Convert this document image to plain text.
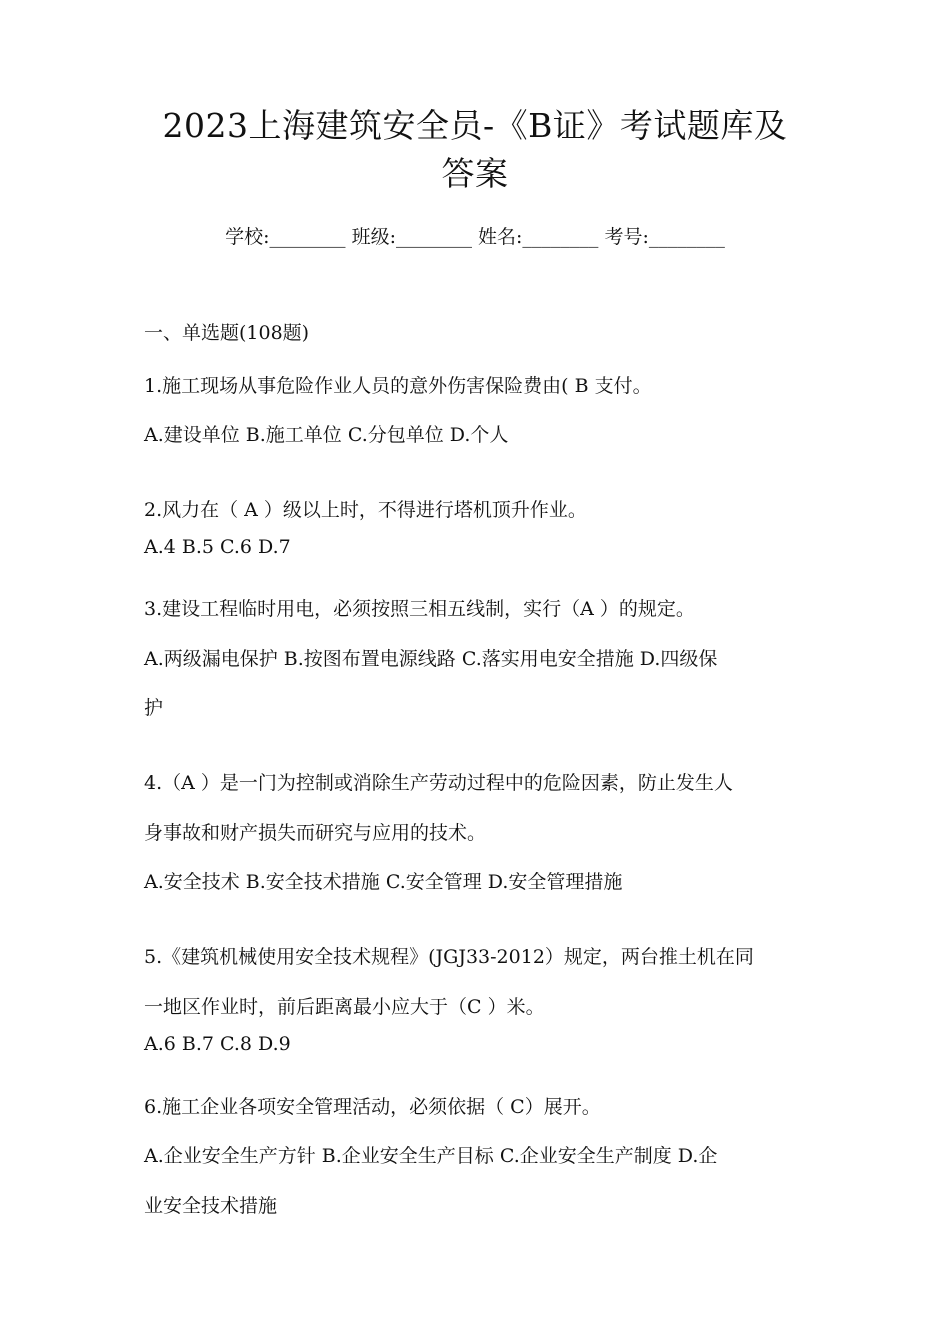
2023上海建筑安全员-《B证》考试题库及
答案
学校:________ 班级:________ 姓名:________ 考号:________
一、单选题(108题)
1.施工现场从事危险作业人员的意外伤害保险费由( B 支付。
A.建设单位 B.施工单位 C.分包单位 D.个人
2.风力在（ A ）级以上时，不得进行塔机顶升作业。
A.4 B.5 C.6 D.7
3.建设工程临时用电，必须按照三相五线制，实行（A ）的规定。
A.两级漏电保护 B.按图布置电源线路 C.落实用电安全措施 D.四级保
护
4.（A ）是一门为控制或消除生产劳动过程中的危险因素，防止发生人
身事故和财产损失而研究与应用的技术。
A.安全技术 B.安全技术措施 C.安全管理 D.安全管理措施
5.《建筑机械使用安全技术规程》(JGJ33-2012）规定，两台推土机在同
一地区作业时，前后距离最小应大于（C ）米。
A.6 B.7 C.8 D.9
6.施工企业各项安全管理活动，必须依据（ C）展开。
A.企业安全生产方针 B.企业安全生产目标 C.企业安全生产制度 D.企
业安全技术措施
